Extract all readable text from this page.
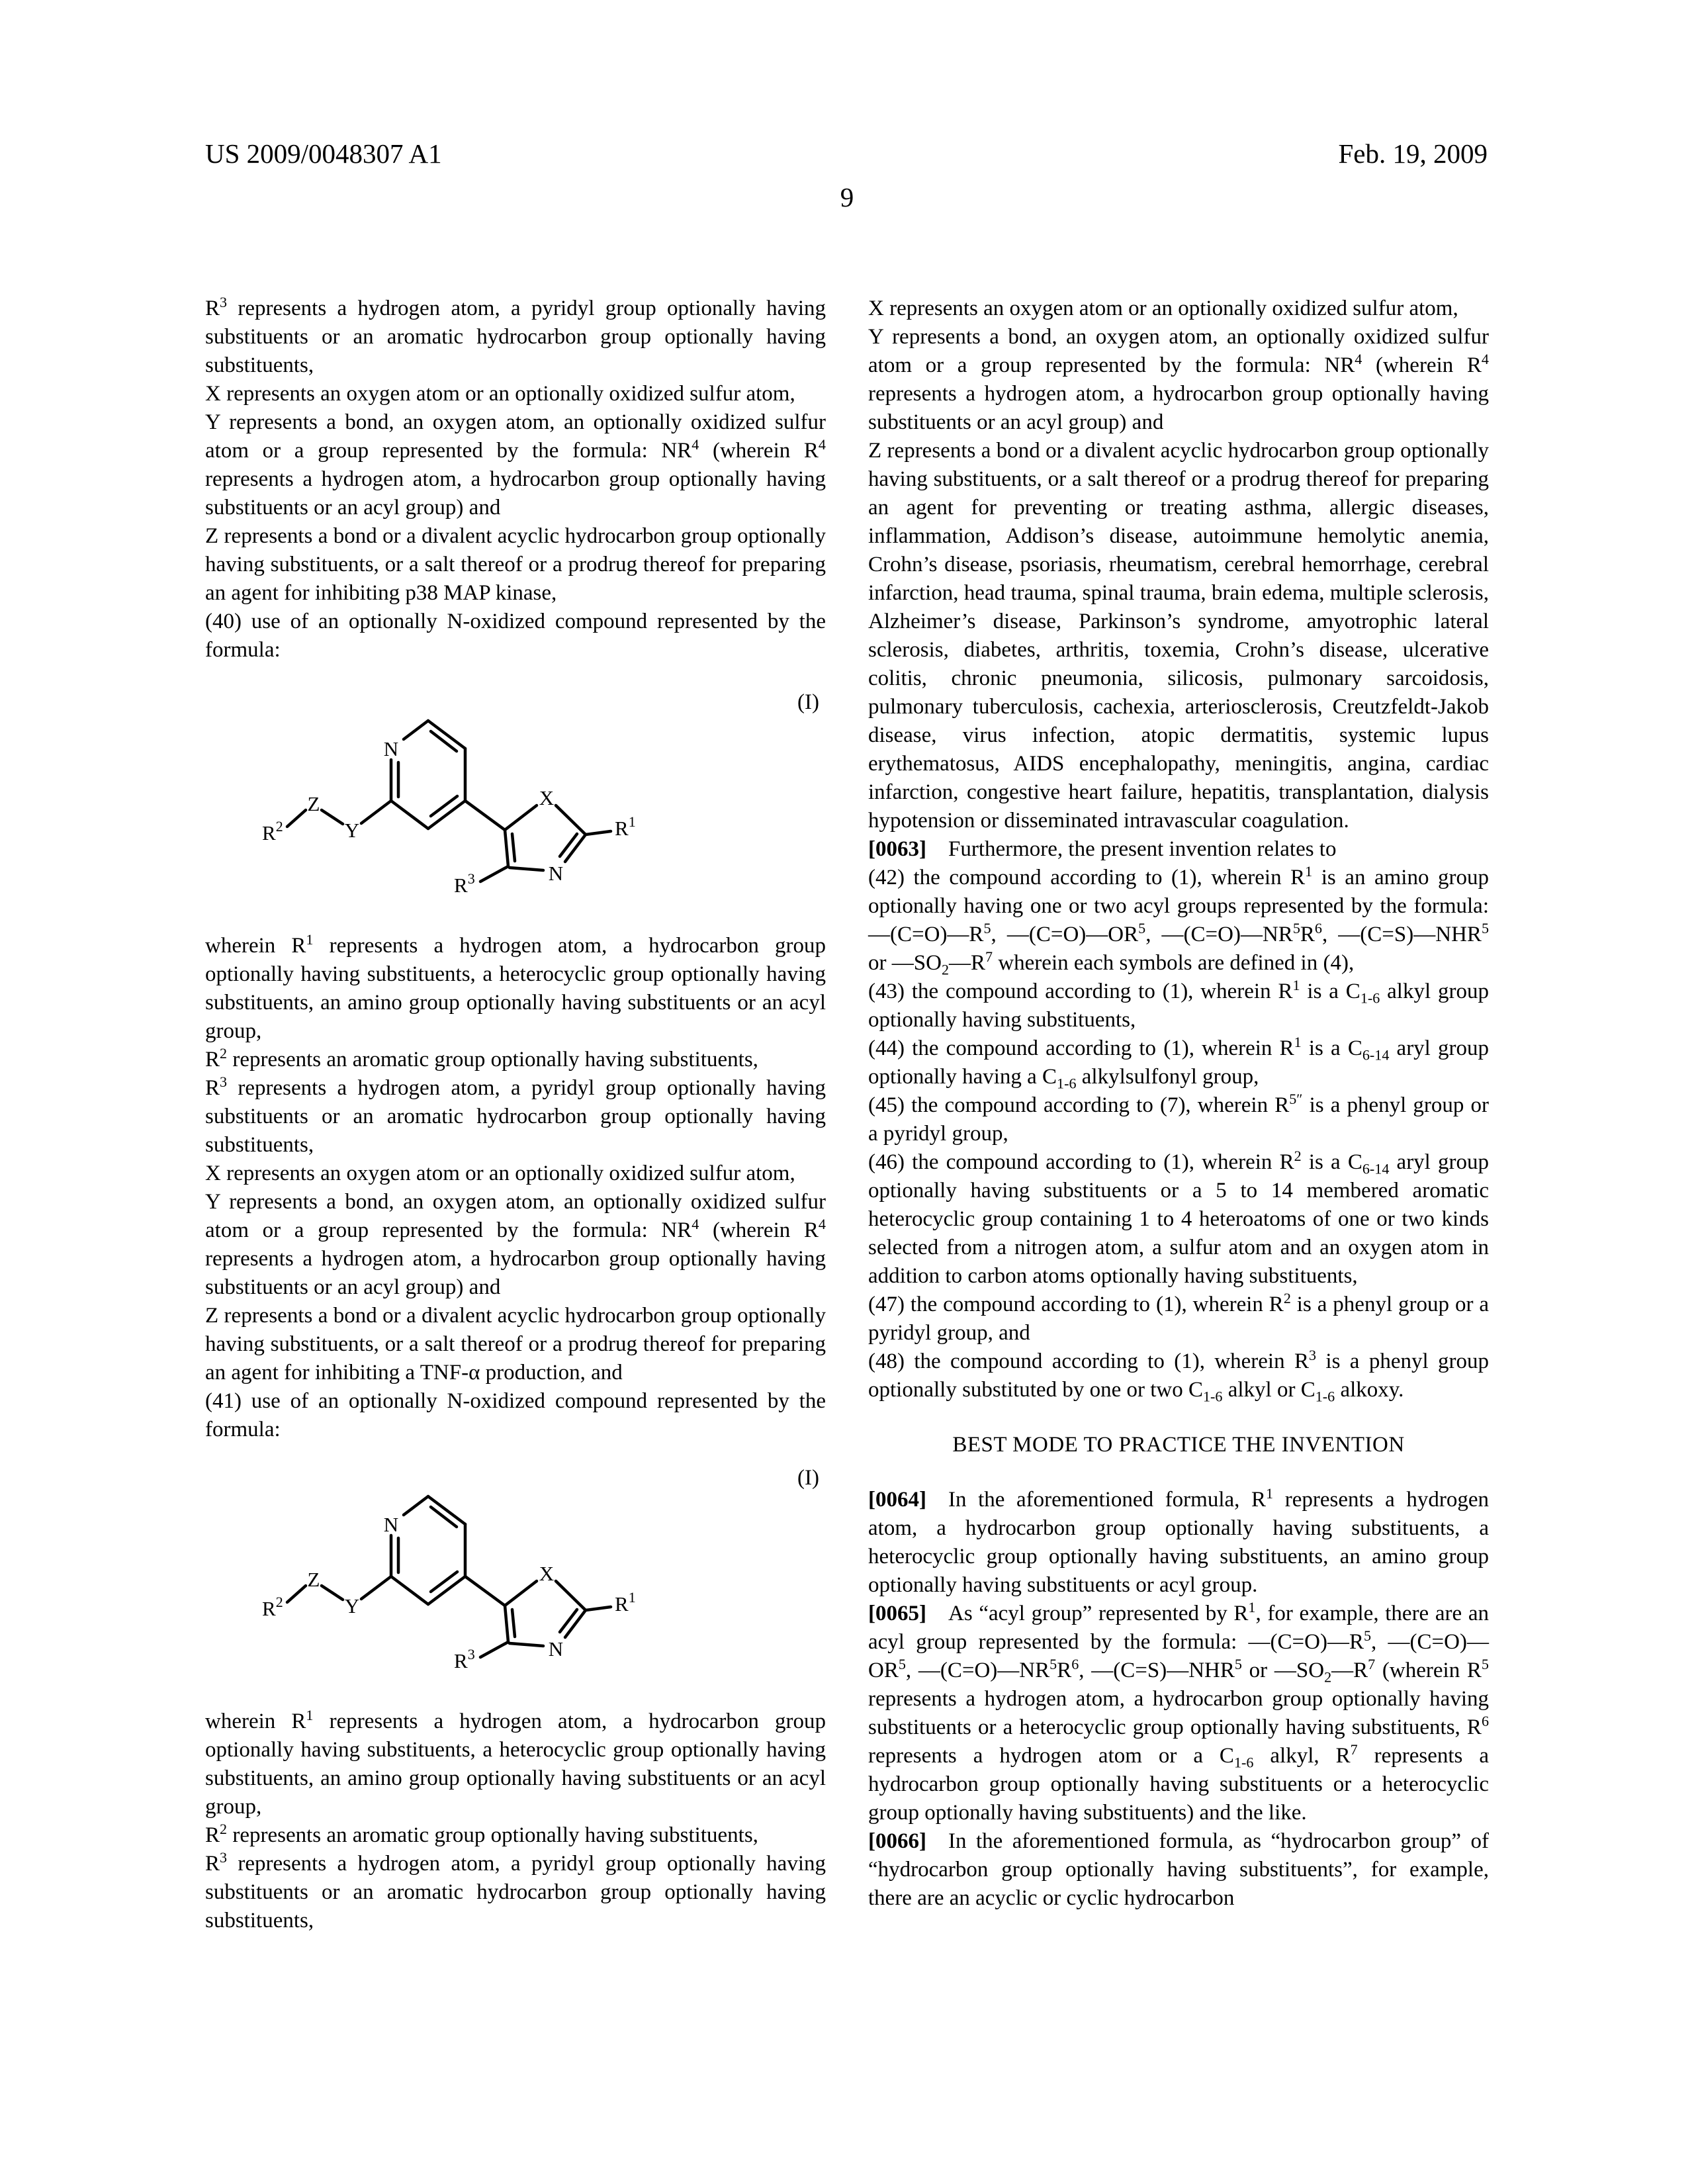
US 2009/0048307 A1	Feb. 19, 2009
9

$R^3$ represents a hydrogen atom, a pyridyl group optionally having substituents or an aromatic hydrocarbon group optionally having substituents,

X represents an oxygen atom or an optionally oxidized sulfur atom,

Y represents a bond, an oxygen atom, an optionally oxidized sulfur atom or a group represented by the formula: $NR^4$ (wherein $R^4$ represents a hydrogen atom, a hydrocarbon group optionally having substituents or an acyl group) and

Z represents a bond or a divalent acyclic hydrocarbon group optionally having substituents, or a salt thereof or a prodrug thereof for preparing an agent for inhibiting p38 MAP kinase,

(40) use of an optionally N-oxidized compound represented by the formula:

(I)
N
X
N
Y
Z
$R^2$	$R^1$
$R^3$

wherein $R^1$ represents a hydrogen atom, a hydrocarbon group optionally having substituents, a heterocyclic group optionally having substituents, an amino group optionally having substituents or an acyl group,

$R^2$ represents an aromatic group optionally having substituents,

$R^3$ represents a hydrogen atom, a pyridyl group optionally having substituents or an aromatic hydrocarbon group optionally having substituents,

X represents an oxygen atom or an optionally oxidized sulfur atom,

Y represents a bond, an oxygen atom, an optionally oxidized sulfur atom or a group represented by the formula: $NR^4$ (wherein $R^4$ represents a hydrogen atom, a hydrocarbon group optionally having substituents or an acyl group) and

Z represents a bond or a divalent acyclic hydrocarbon group optionally having substituents, or a salt thereof or a prodrug thereof for preparing an agent for inhibiting a TNF-α production, and

(41) use of an optionally N-oxidized compound represented by the formula:

(I)
N
X
N
Y
Z
$R^2$	$R^1$
$R^3$

wherein $R^1$ represents a hydrogen atom, a hydrocarbon group optionally having substituents, a heterocyclic group optionally having substituents, an amino group optionally having substituents or an acyl group,

$R^2$ represents an aromatic group optionally having substituents,

$R^3$ represents a hydrogen atom, a pyridyl group optionally having substituents or an aromatic hydrocarbon group optionally having substituents,

X represents an oxygen atom or an optionally oxidized sulfur atom,

Y represents a bond, an oxygen atom, an optionally oxidized sulfur atom or a group represented by the formula: $NR^4$ (wherein $R^4$ represents a hydrogen atom, a hydrocarbon group optionally having substituents or an acyl group) and

Z represents a bond or a divalent acyclic hydrocarbon group optionally having substituents, or a salt thereof or a prodrug thereof for preparing an agent for preventing or treating asthma, allergic diseases, inflammation, Addison’s disease, autoimmune hemolytic anemia, Crohn’s disease, psoriasis, rheumatism, cerebral hemorrhage, cerebral infarction, head trauma, spinal trauma, brain edema, multiple sclerosis, Alzheimer’s disease, Parkinson’s syndrome, amyotrophic lateral sclerosis, diabetes, arthritis, toxemia, Crohn’s disease, ulcerative colitis, chronic pneumonia, silicosis, pulmonary sarcoidosis, pulmonary tuberculosis, cachexia, arteriosclerosis, Creutzfeldt-Jakob disease, virus infection, atopic dermatitis, systemic lupus erythematosus, AIDS encephalopathy, meningitis, angina, cardiac infarction, congestive heart failure, hepatitis, transplantation, dialysis hypotension or disseminated intravascular coagulation.

[0063]  Furthermore, the present invention relates to

(42) the compound according to (1), wherein $R^1$ is an amino group optionally having one or two acyl groups represented by the formula: $—(C=O)—R^5$, $—(C=O)—OR^5$, $—(C=O)—NR^5R^6$, $—(C=S)—NHR^5$ or $—SO_2—R^7$ wherein each symbols are defined in (4),

(43) the compound according to (1), wherein $R^1$ is a $C_{1-6}$ alkyl group optionally having substituents,

(44) the compound according to (1), wherein $R^1$ is a $C_{6-14}$ aryl group optionally having a $C_{1-6}$ alkylsulfonyl group,

(45) the compound according to (7), wherein $R^{5''}$ is a phenyl group or a pyridyl group,

(46) the compound according to (1), wherein $R^2$ is a $C_{6-14}$ aryl group optionally having substituents or a 5 to 14 membered aromatic heterocyclic group containing 1 to 4 heteroatoms of one or two kinds selected from a nitrogen atom, a sulfur atom and an oxygen atom in addition to carbon atoms optionally having substituents,

(47) the compound according to (1), wherein $R^2$ is a phenyl group or a pyridyl group, and

(48) the compound according to (1), wherein $R^3$ is a phenyl group optionally substituted by one or two $C_{1-6}$ alkyl or $C_{1-6}$ alkoxy.

BEST MODE TO PRACTICE THE INVENTION

[0064]  In the aforementioned formula, $R^1$ represents a hydrogen atom, a hydrocarbon group optionally having substituents, a heterocyclic group optionally having substituents, an amino group optionally having substituents or acyl group.

[0065]  As “acyl group” represented by $R^1$, for example, there are an acyl group represented by the formula: $—(C=O)—R^5$, $—(C=O)—OR^5$, $—(C=O)—NR^5R^6$, $—(C=S)—NHR^5$ or $—SO_2—R^7$ (wherein $R^5$ represents a hydrogen atom, a hydrocarbon group optionally having substituents or a heterocyclic group optionally having substituents, $R^6$ represents a hydrogen atom or a $C_{1-6}$ alkyl, $R^7$ represents a hydrocarbon group optionally having substituents or a heterocyclic group optionally having substituents) and the like.

[0066]  In the aforementioned formula, as “hydrocarbon group” of “hydrocarbon group optionally having substituents”, for example, there are an acyclic or cyclic hydrocarbon
